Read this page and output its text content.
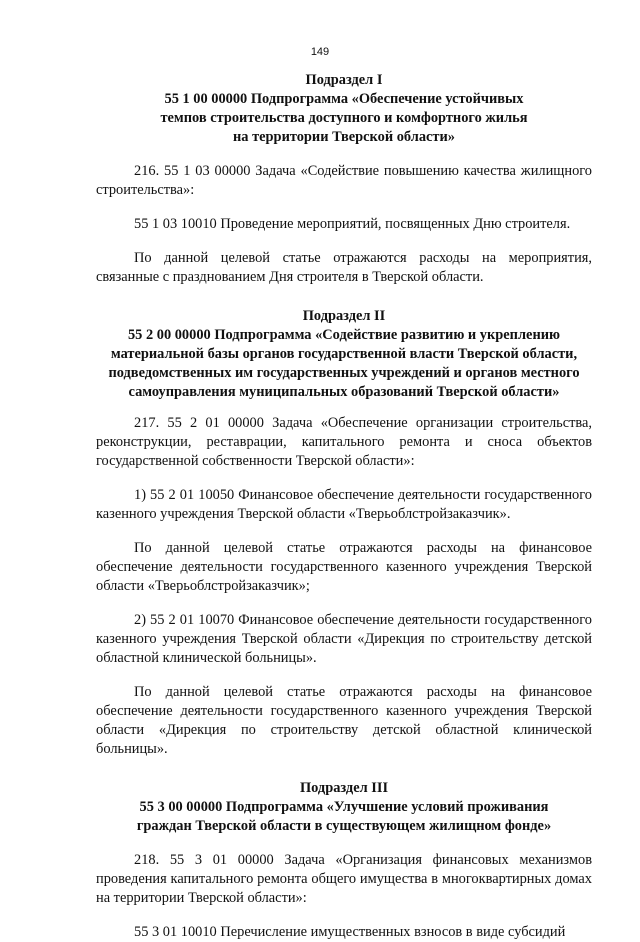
149
Подраздел I
55 1 00 00000 Подпрограмма «Обеспечение устойчивых
темпов строительства доступного и комфортного жилья
на территории Тверской области»

216. 55 1 03 00000 Задача «Содействие повышению качества жилищного строительства»:

55 1 03 10010 Проведение мероприятий, посвященных Дню строителя.

По данной целевой статье отражаются расходы на мероприятия, связанные с празднованием Дня строителя в Тверской области.

Подраздел II
55 2 00 00000 Подпрограмма «Содействие развитию и укреплению
материальной базы органов государственной власти Тверской области,
подведомственных им государственных учреждений и органов местного
самоуправления муниципальных образований Тверской области»

217. 55 2 01 00000 Задача «Обеспечение организации строительства, реконструкции, реставрации, капитального ремонта и сноса объектов государственной собственности Тверской области»:

1) 55 2 01 10050 Финансовое обеспечение деятельности государственного казенного учреждения Тверской области «Тверьоблстройзаказчик».

По данной целевой статье отражаются расходы на финансовое обеспечение деятельности государственного казенного учреждения Тверской области «Тверьоблстройзаказчик»;

2) 55 2 01 10070 Финансовое обеспечение деятельности государственного казенного учреждения Тверской области «Дирекция по строительству детской областной клинической больницы».

По данной целевой статье отражаются расходы на финансовое обеспечение деятельности государственного казенного учреждения Тверской области «Дирекция по строительству детской областной клинической больницы».

Подраздел III
55 3 00 00000 Подпрограмма «Улучшение условий проживания
граждан Тверской области в существующем жилищном фонде»

218. 55 3 01 00000 Задача «Организация финансовых механизмов проведения капитального ремонта общего имущества в многоквартирных домах на территории Тверской области»:

55 3 01 10010 Перечисление имущественных взносов в виде субсидий
